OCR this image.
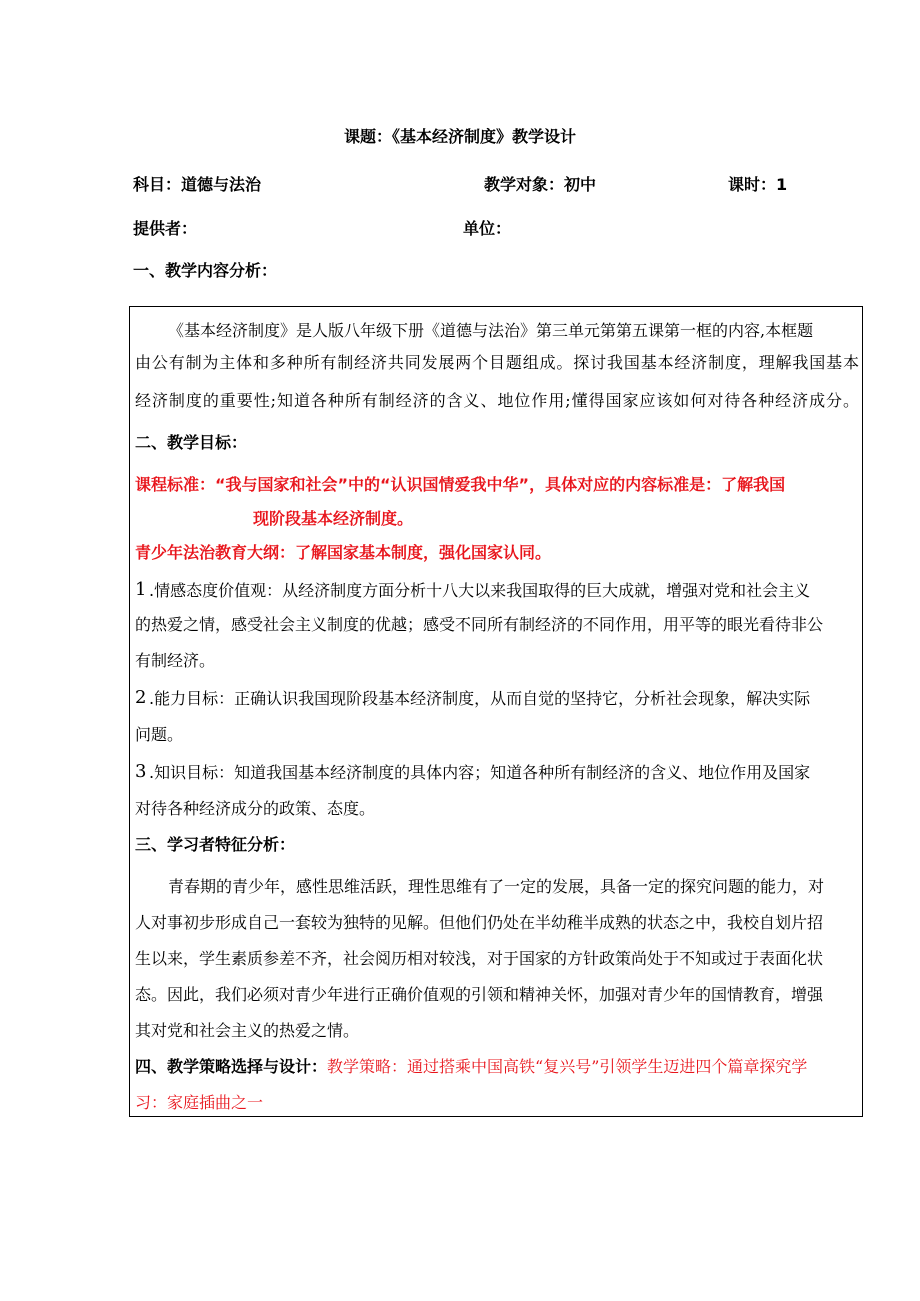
课题：《基本经济制度》教学设计
科目：道德与法治	教学对象：初中	课时：1
提供者：	单位：
一、教学内容分析：
《基本经济制度》是人版八年级下册《道德与法治》第三单元第第五课第一框的内容,本框题
由公有制为主体和多种所有制经济共同发展两个目题组成。探讨我国基本经济制度，理解我国基本
经济制度的重要性;知道各种所有制经济的含义、地位作用;懂得国家应该如何对待各种经济成分。
二、教学目标：
课程标准：“我与国家和社会”中的“认识国情爱我中华”，具体对应的内容标准是：了解我国
现阶段基本经济制度。
青少年法治教育大纲：了解国家基本制度，强化国家认同。
1 .情感态度价值观：从经济制度方面分析十八大以来我国取得的巨大成就，增强对党和社会主义
的热爱之情，感受社会主义制度的优越；感受不同所有制经济的不同作用，用平等的眼光看待非公
有制经济。
2 .能力目标：正确认识我国现阶段基本经济制度，从而自觉的坚持它，分析社会现象，解决实际
问题。
3 .知识目标：知道我国基本经济制度的具体内容；知道各种所有制经济的含义、地位作用及国家
对待各种经济成分的政策、态度。
三、学习者特征分析：
青春期的青少年，感性思维活跃，理性思维有了一定的发展，具备一定的探究问题的能力，对
人对事初步形成自己一套较为独特的见解。但他们仍处在半幼稚半成熟的状态之中，我校自划片招
生以来，学生素质参差不齐，社会阅历相对较浅，对于国家的方针政策尚处于不知或过于表面化状
态。因此，我们必须对青少年进行正确价值观的引领和精神关怀，加强对青少年的国情教育，增强
其对党和社会主义的热爱之情。
四、教学策略选择与设计：教学策略：通过搭乘中国高铁“复兴号”引领学生迈进四个篇章探究学
习：家庭插曲之一
